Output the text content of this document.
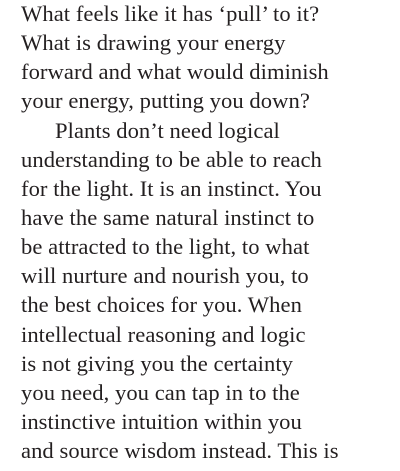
What feels like it has ‘pull’ to it?
What is drawing your energy
forward and what would diminish
your energy, putting you down?
Plants don’t need logical
understanding to be able to reach
for the light. It is an instinct. You
have the same natural instinct to
be attracted to the light, to what
will nurture and nourish you, to
the best choices for you. When
intellectual reasoning and logic
is not giving you the certainty
you need, you can tap in to the
instinctive intuition within you
and source wisdom instead. This is
